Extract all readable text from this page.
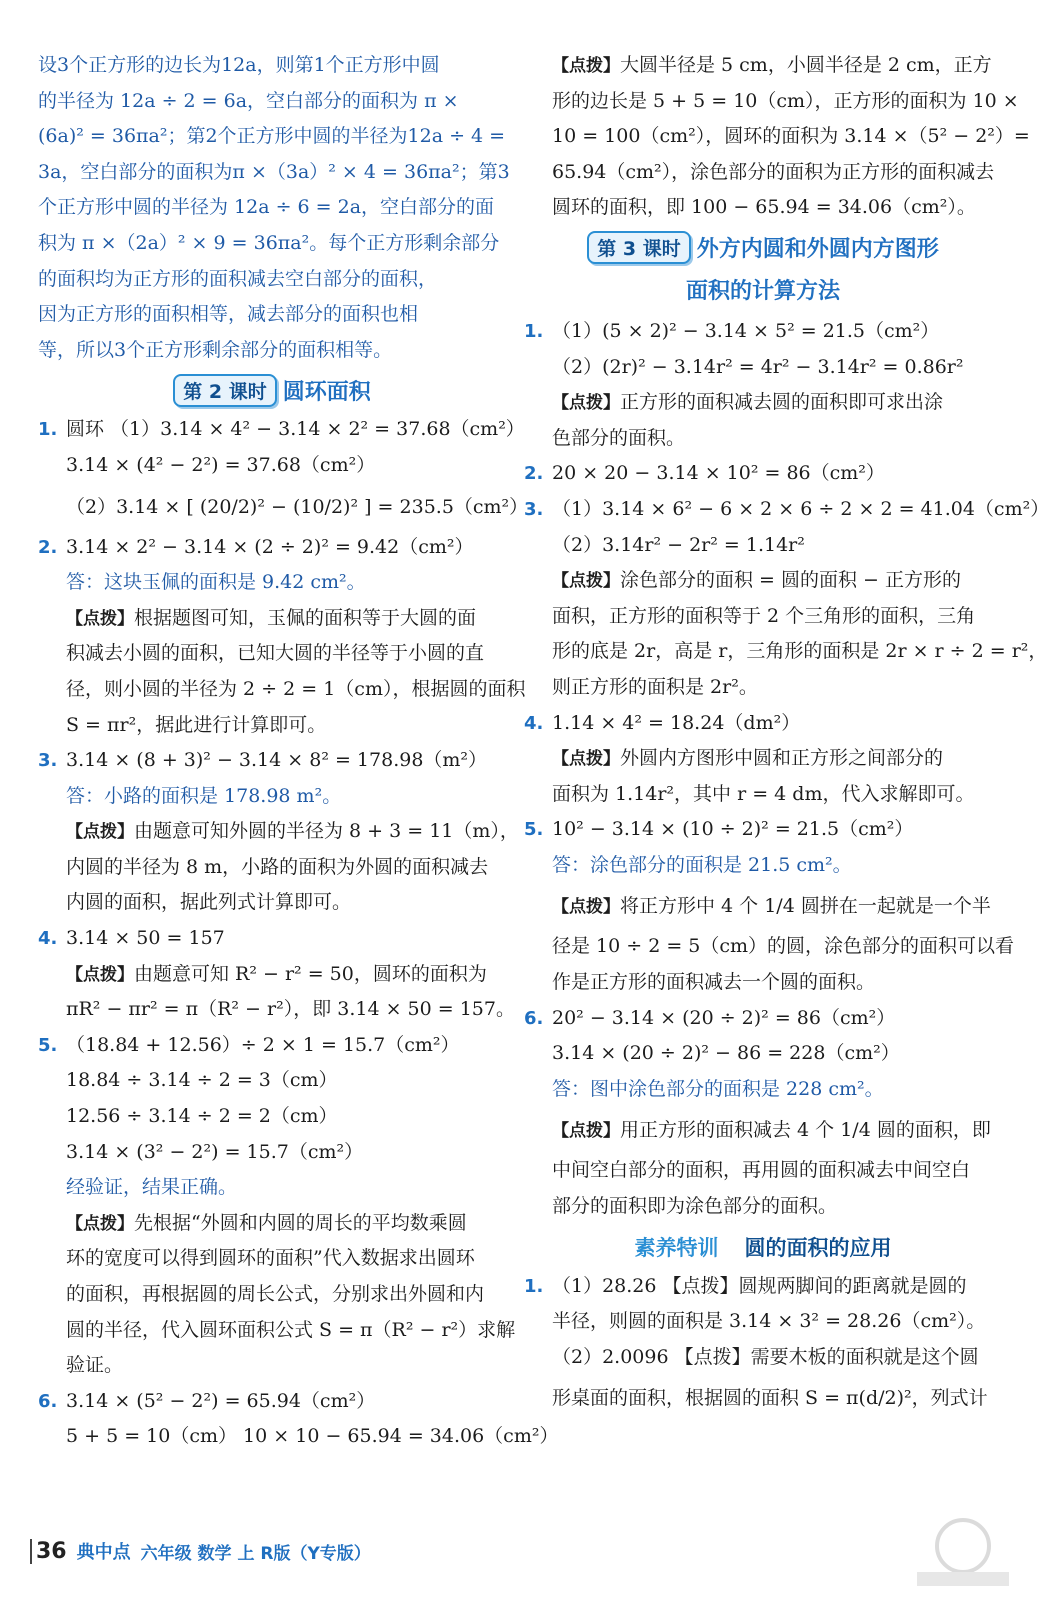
设3个正方形的边长为12a，则第1个正方形中圆
的半径为 12a ÷ 2 = 6a，空白部分的面积为 π ×
(6a)² = 36πa²；第2个正方形中圆的半径为12a ÷ 4 =
3a，空白部分的面积为π ×（3a）² × 4 = 36πa²；第3
个正方形中圆的半径为 12a ÷ 6 = 2a，空白部分的面
积为 π ×（2a）² × 9 = 36πa²。每个正方形剩余部分
的面积均为正方形的面积减去空白部分的面积，
因为正方形的面积相等，减去部分的面积也相
等，所以3个正方形剩余部分的面积相等。
第 2 课时 圆环面积
1. 圆环 （1）3.14 × 4² − 3.14 × 2² = 37.68（cm²）
3.14 × (4² − 2²) = 37.68（cm²）
（2）3.14 × [ (20/2)² − (10/2)² ] = 235.5（cm²）
2. 3.14 × 2² − 3.14 × (2 ÷ 2)² = 9.42（cm²）
答：这块玉佩的面积是 9.42 cm²。
【点拨】根据题图可知，玉佩的面积等于大圆的面
积减去小圆的面积，已知大圆的半径等于小圆的直
径，则小圆的半径为 2 ÷ 2 = 1（cm），根据圆的面积
S = πr²，据此进行计算即可。
3. 3.14 × (8 + 3)² − 3.14 × 8² = 178.98（m²）
答：小路的面积是 178.98 m²。
【点拨】由题意可知外圆的半径为 8 + 3 = 11（m），
内圆的半径为 8 m，小路的面积为外圆的面积减去
内圆的面积，据此列式计算即可。
4. 3.14 × 50 = 157
【点拨】由题意可知 R² − r² = 50，圆环的面积为
πR² − πr² = π（R² − r²），即 3.14 × 50 = 157。
5. （18.84 + 12.56）÷ 2 × 1 = 15.7（cm²）
18.84 ÷ 3.14 ÷ 2 = 3（cm）
12.56 ÷ 3.14 ÷ 2 = 2（cm）
3.14 × (3² − 2²) = 15.7（cm²）
经验证，结果正确。
【点拨】先根据“外圆和内圆的周长的平均数乘圆
环的宽度可以得到圆环的面积”代入数据求出圆环
的面积，再根据圆的周长公式，分别求出外圆和内
圆的半径，代入圆环面积公式 S = π（R² − r²）求解
验证。
6. 3.14 × (5² − 2²) = 65.94（cm²）
5 + 5 = 10（cm） 10 × 10 − 65.94 = 34.06（cm²）
【点拨】大圆半径是 5 cm，小圆半径是 2 cm，正方
形的边长是 5 + 5 = 10（cm），正方形的面积为 10 ×
10 = 100（cm²），圆环的面积为 3.14 ×（5² − 2²）=
65.94（cm²），涂色部分的面积为正方形的面积减去
圆环的面积，即 100 − 65.94 = 34.06（cm²）。
第 3 课时 外方内圆和外圆内方图形
面积的计算方法
1. （1）(5 × 2)² − 3.14 × 5² = 21.5（cm²）
（2）(2r)² − 3.14r² = 4r² − 3.14r² = 0.86r²
【点拨】正方形的面积减去圆的面积即可求出涂
色部分的面积。
2. 20 × 20 − 3.14 × 10² = 86（cm²）
3. （1）3.14 × 6² − 6 × 2 × 6 ÷ 2 × 2 = 41.04（cm²）
（2）3.14r² − 2r² = 1.14r²
【点拨】涂色部分的面积 = 圆的面积 − 正方形的
面积，正方形的面积等于 2 个三角形的面积，三角
形的底是 2r，高是 r，三角形的面积是 2r × r ÷ 2 = r²，
则正方形的面积是 2r²。
4. 1.14 × 4² = 18.24（dm²）
【点拨】外圆内方图形中圆和正方形之间部分的
面积为 1.14r²，其中 r = 4 dm，代入求解即可。
5. 10² − 3.14 × (10 ÷ 2)² = 21.5（cm²）
答：涂色部分的面积是 21.5 cm²。
【点拨】将正方形中 4 个 1/4 圆拼在一起就是一个半
径是 10 ÷ 2 = 5（cm）的圆，涂色部分的面积可以看
作是正方形的面积减去一个圆的面积。
6. 20² − 3.14 × (20 ÷ 2)² = 86（cm²）
3.14 × (20 ÷ 2)² − 86 = 228（cm²）
答：图中涂色部分的面积是 228 cm²。
【点拨】用正方形的面积减去 4 个 1/4 圆的面积，即
中间空白部分的面积，再用圆的面积减去中间空白
部分的面积即为涂色部分的面积。
素养特训 圆的面积的应用
1. （1）28.26 【点拨】圆规两脚间的距离就是圆的
半径，则圆的面积是 3.14 × 3² = 28.26（cm²）。
（2）2.0096 【点拨】需要木板的面积就是这个圆
形桌面的面积，根据圆的面积 S = π(d/2)²，列式计
36 典中点 六年级 数学 上 R版（Y专版）
